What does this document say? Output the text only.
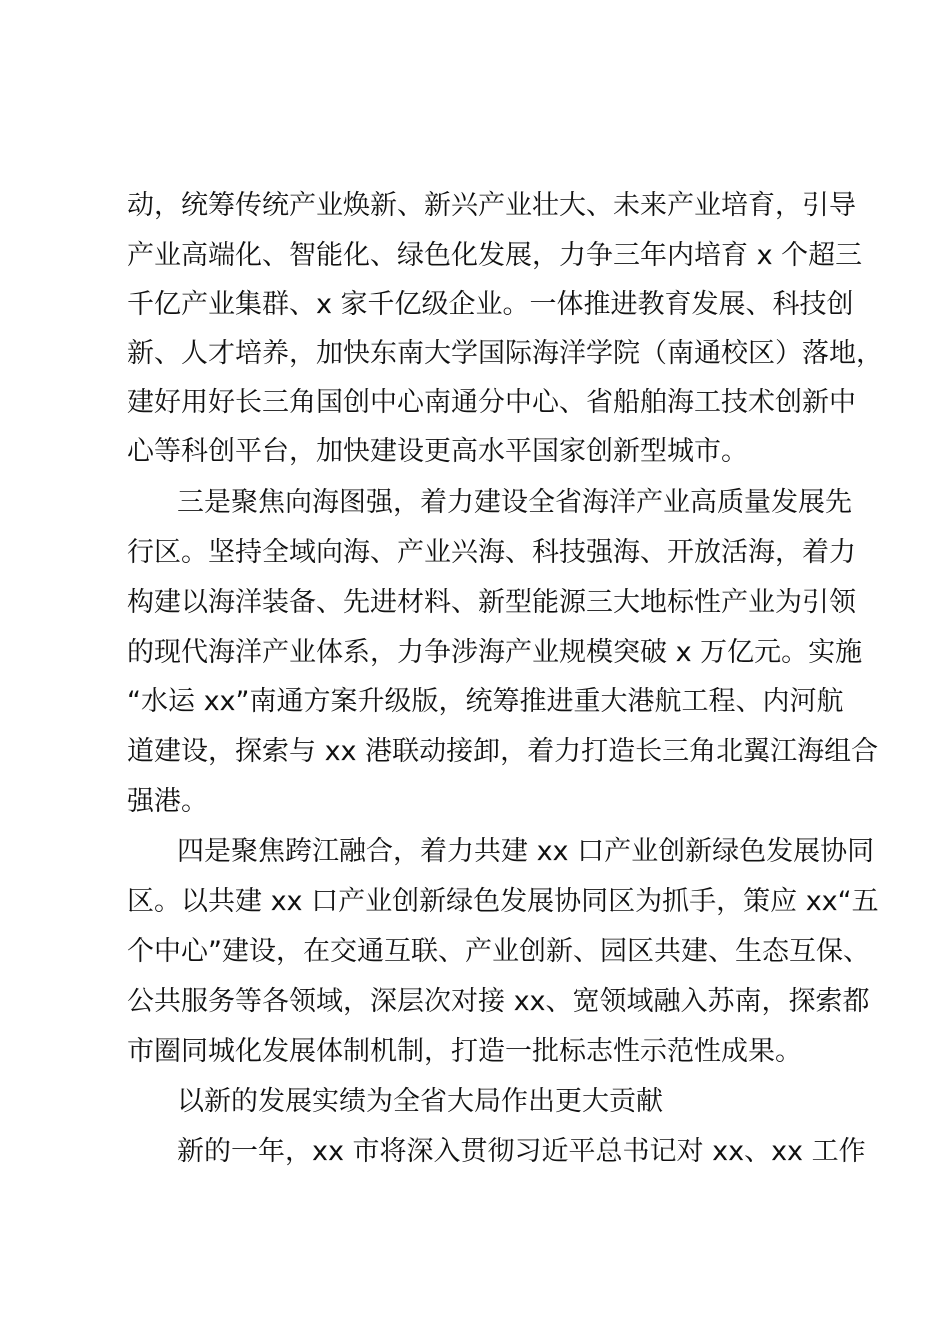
动，统筹传统产业焕新、新兴产业壮大、未来产业培育，引导
产业高端化、智能化、绿色化发展，力争三年内培育 x 个超三
千亿产业集群、x 家千亿级企业。一体推进教育发展、科技创
新、人才培养，加快东南大学国际海洋学院（南通校区）落地，
建好用好长三角国创中心南通分中心、省船舶海工技术创新中
心等科创平台，加快建设更高水平国家创新型城市。
三是聚焦向海图强，着力建设全省海洋产业高质量发展先
行区。坚持全域向海、产业兴海、科技强海、开放活海，着力
构建以海洋装备、先进材料、新型能源三大地标性产业为引领
的现代海洋产业体系，力争涉海产业规模突破 x 万亿元。实施
“水运 xx”南通方案升级版，统筹推进重大港航工程、内河航
道建设，探索与 xx 港联动接卸，着力打造长三角北翼江海组合
强港。
四是聚焦跨江融合，着力共建 xx 口产业创新绿色发展协同
区。以共建 xx 口产业创新绿色发展协同区为抓手，策应 xx“五
个中心”建设，在交通互联、产业创新、园区共建、生态互保、
公共服务等各领域，深层次对接 xx、宽领域融入苏南，探索都
市圈同城化发展体制机制，打造一批标志性示范性成果。
以新的发展实绩为全省大局作出更大贡献
新的一年，xx 市将深入贯彻习近平总书记对 xx、xx 工作
